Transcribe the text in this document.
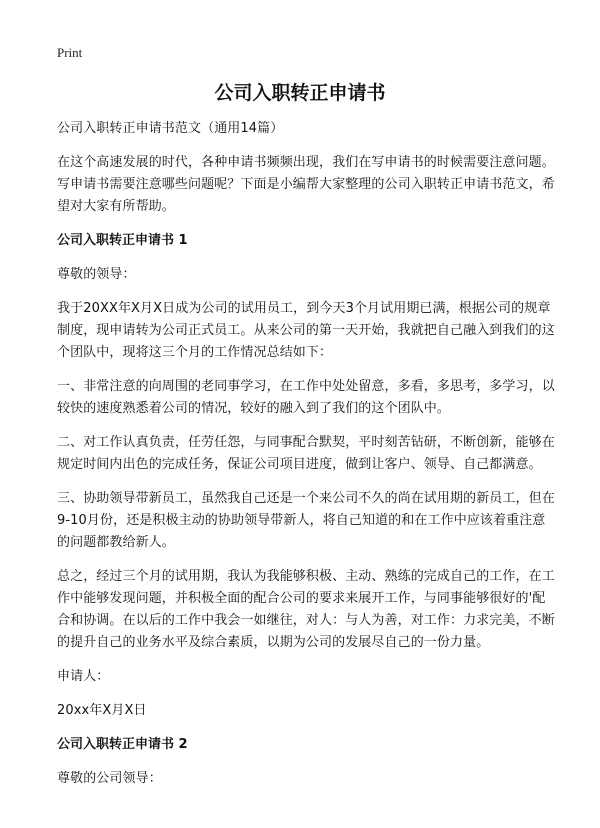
Print
公司入职转正申请书

公司入职转正申请书范文（通用14篇）

在这个高速发展的时代，各种申请书频频出现，我们在写申请书的时候需要注意问题。写申请书需要注意哪些问题呢？下面是小编帮大家整理的公司入职转正申请书范文，希望对大家有所帮助。

公司入职转正申请书 1

尊敬的领导：

我于20XX年X月X日成为公司的试用员工，到今天3个月试用期已满，根据公司的规章制度，现申请转为公司正式员工。从来公司的第一天开始，我就把自己融入到我们的这个团队中，现将这三个月的工作情况总结如下：

一、非常注意的向周围的老同事学习，在工作中处处留意，多看，多思考，多学习，以较快的速度熟悉着公司的情况，较好的融入到了我们的这个团队中。

二、对工作认真负责，任劳任怨，与同事配合默契，平时刻苦钻研，不断创新，能够在规定时间内出色的完成任务，保证公司项目进度，做到让客户、领导、自己都满意。

三、协助领导带新员工，虽然我自己还是一个来公司不久的尚在试用期的新员工，但在9-10月份，还是积极主动的协助领导带新人，将自己知道的和在工作中应该着重注意的问题都教给新人。

总之，经过三个月的试用期，我认为我能够积极、主动、熟练的完成自己的工作，在工作中能够发现问题，并积极全面的配合公司的要求来展开工作，与同事能够很好的'配合和协调。在以后的工作中我会一如继往，对人：与人为善，对工作：力求完美，不断的提升自己的业务水平及综合素质，以期为公司的发展尽自己的一份力量。

申请人：

20xx年X月X日

公司入职转正申请书 2

尊敬的公司领导：
